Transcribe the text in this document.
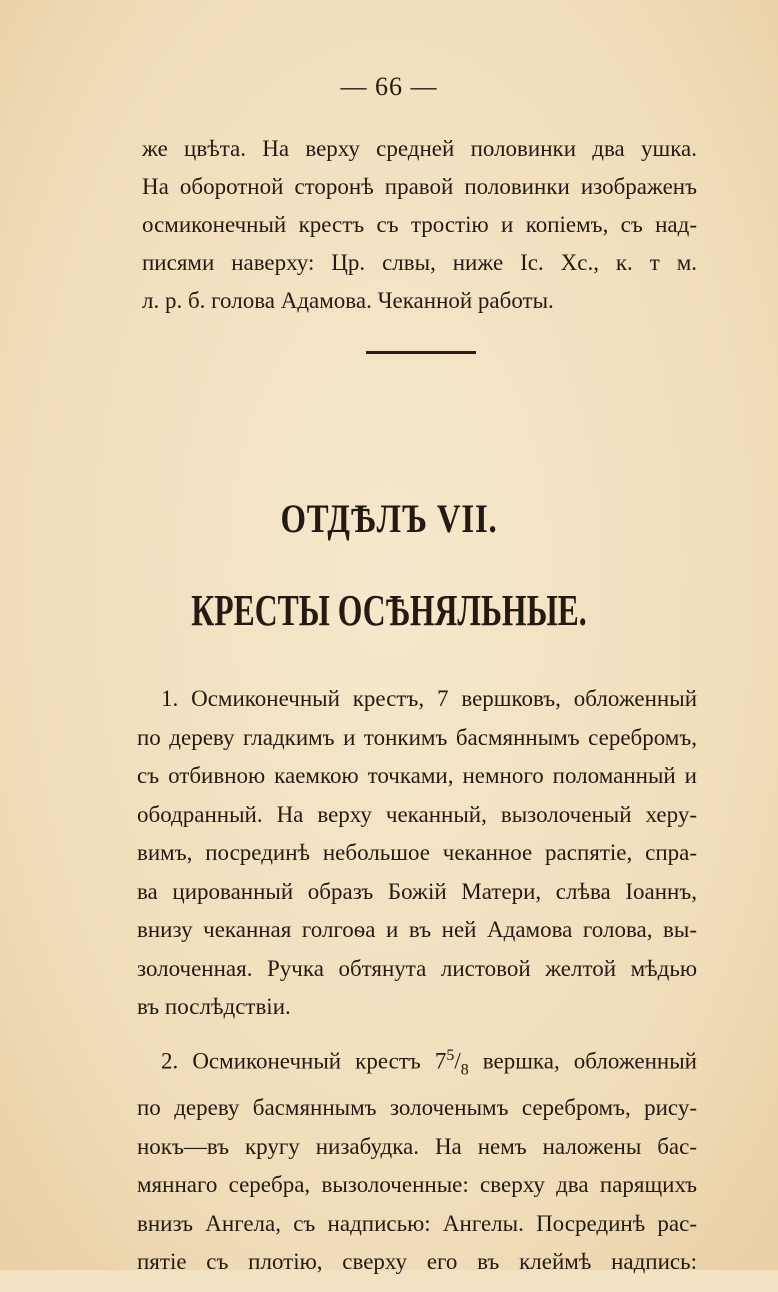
— 66 —
же цвѣта. На верху средней половинки два ушка.
На оборотной сторонѣ правой половинки изображенъ
осмиконечный крестъ съ тростію и копіемъ, съ над-
писями наверху: Цр. слвы, ниже Іс. Хс., к. т м.
л. р. б. голова Адамова. Чеканной работы.
ОТДѢЛЪ VII.
КРЕСТЫ ОСѢНЯЛЬНЫЕ.
1. Осмиконечный крестъ, 7 вершковъ, обложенный
по дереву гладкимъ и тонкимъ басмяннымъ серебромъ,
съ отбивною каемкою точками, немного поломанный и
ободранный. На верху чеканный, вызолоченый херу-
вимъ, посрединѣ небольшое чеканное распятіе, спра-
ва цированный образъ Божій Матери, слѣва Іоаннъ,
внизу чеканная голгоѳа и въ ней Адамова голова, вы-
золоченная. Ручка обтянута листовой желтой мѣдью
въ послѣдствіи.
2. Осмиконечный крестъ $7^5/_8$ вершка, обложенный
по дереву басмяннымъ золоченымъ серебромъ, рису-
нокъ—въ кругу низабудка. На немъ наложены бас-
мяннаго серебра, вызолоченные: сверху два парящихъ
внизъ Ангела, съ надписью: Ангелы. Посрединѣ рас-
пятіе съ плотію, сверху его въ клеймѣ надпись:
